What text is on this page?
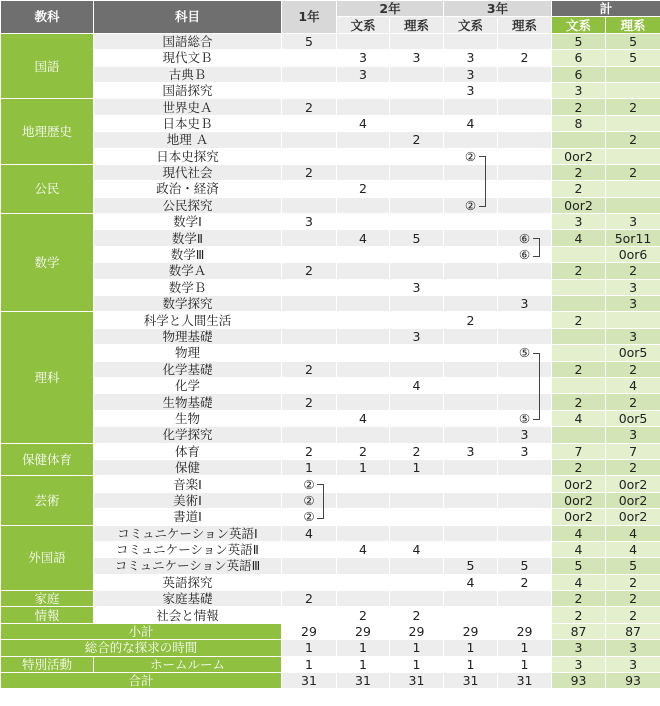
教科	科目	1年	2年		3年		計	
			文系	理系	文系	理系	文系	理系
国語	国語総合	5					5	5
	現代文Ｂ		3	3	3	2	6	5
	古典Ｂ		3		3		6	
	国語探究				3		3	
地理歴史	世界史Ａ	2					2	2
	日本史Ｂ		4		4		8	
	地理 Ａ			2				2
	日本史探究				②		0or2	
公民	現代社会	2					2	2
	政治・経済		2				2	
	公民探究				②		0or2	
数学	数学Ⅰ	3					3	3
	数学Ⅱ		4	5		⑥	4	5or11
	数学Ⅲ					⑥		0or6
	数学Ａ	2					2	2
	数学Ｂ			3				3
	数学探究					3		3
理科	科学と人間生活				2		2	
	物理基礎			3				3
	物理					⑤		0or5
	化学基礎	2					2	2
	化学			4				4
	生物基礎	2					2	2
	生物		4			⑤	4	0or5
	化学探究					3		3
保健体育	体育	2	2	2	3	3	7	7
	保健	1	1	1			2	2
芸術	音楽Ⅰ	②					0or2	0or2
	美術Ⅰ	②					0or2	0or2
	書道Ⅰ	②					0or2	0or2
外国語	コミュニケーション英語Ⅰ	4					4	4
	コミュニケーション英語Ⅱ		4	4			4	4
	コミュニケーション英語Ⅲ				5	5	5	5
	英語探究				4	2	4	2
家庭	家庭基礎	2					2	2
情報	社会と情報		2	2			2	2
小計		29	29	29	29	29	87	87
総合的な探求の時間		1	1	1	1	1	3	3
特別活動	ホームルーム	1	1	1	1	1	3	3
合計		31	31	31	31	31	93	93
